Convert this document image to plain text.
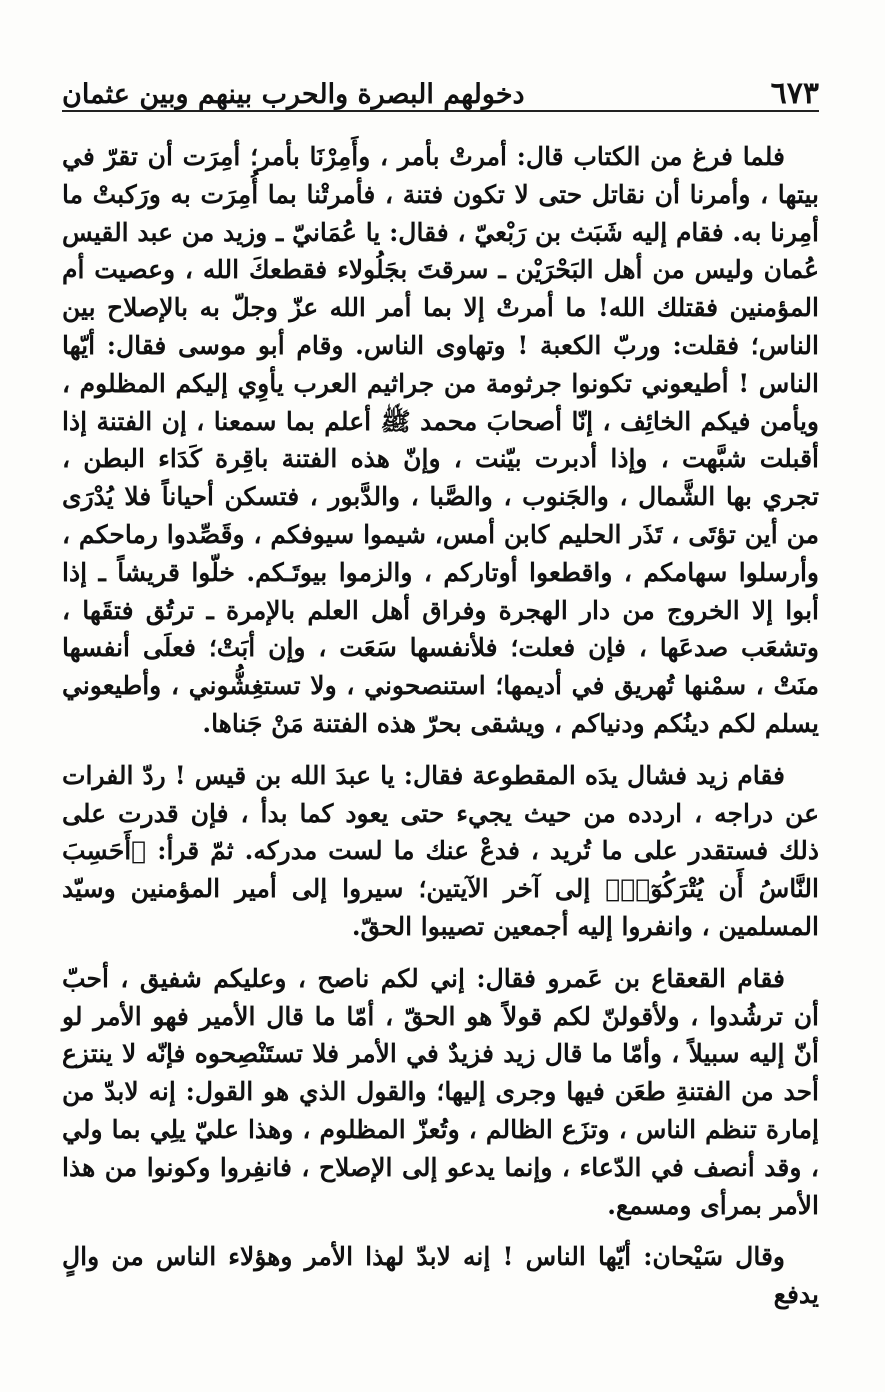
دخولهم البصرة والحرب بينهم وبين عثمان	٦٧٣

فلما فرغ من الكتاب قال: أمرتْ بأمر ، وأَمِرْنَا بأمر؛ أمِرَت أن تقرّ في بيتها ، وأمرنا أن نقاتل حتى لا تكون فتنة ، فأمرتْنا بما أُمِرَت به ورَكبتْ ما أمِرنا به. فقام إليه شَبَث بن رَبْعيّ ، فقال: يا عُمَانيّ ـ وزيد من عبد القيس عُمان وليس من أهل البَحْرَيْن ـ سرقتَ بجَلُولاء فقطعكَ الله ، وعصيت أم المؤمنين فقتلك الله! ما أمرتْ إلا بما أمر الله عزّ وجلّ به بالإصلاح بين الناس؛ فقلت: وربّ الكعبة ! وتهاوى الناس. وقام أبو موسى فقال: أيّها الناس ! أطيعوني تكونوا جرثومة من جراثيم العرب يأوِي إليكم المظلوم ، ويأمن فيكم الخائِف ، إنّا أصحابَ محمد ﷺ أعلم بما سمعنا ، إن الفتنة إذا أقبلت شبَّهت ، وإذا أدبرت بيّنت ، وإنّ هذه الفتنة باقِرة كَدَاء البطن ، تجري بها الشَّمال ، والجَنوب ، والصَّبا ، والدَّبور ، فتسكن أحياناً فلا يُدْرَى من أين تؤتَى ، تَذَر الحليم كابن أمس، شيموا سيوفكم ، وقَصِّدوا رماحكم ، وأرسلوا سهامكم ، واقطعوا أوتاركم ، والزموا بيوتَـكم. خلّوا قريشاً ـ إذا أبوا إلا الخروج من دار الهجرة وفراق أهل العلم بالإمرة ـ ترتُق فتقَها ، وتشعَب صدعَها ، فإن فعلت؛ فلأنفسها سَعَت ، وإن أبَتْ؛ فعلَى أنفسها منَتْ ، سمْنها تُهريق في أديمها؛ استنصحوني ، ولا تستغِشُّوني ، وأطيعوني يسلم لكم دينُكم ودنياكم ، ويشقى بحرّ هذه الفتنة مَنْ جَناها.

فقام زيد فشال يدَه المقطوعة فقال: يا عبدَ الله بن قيس ! ردّ الفرات عن دراجه ، اردده من حيث يجيء حتى يعود كما بدأ ، فإن قدرت على ذلك فستقدر على ما تُريد ، فدعْ عنك ما لست مدركه. ثمّ قرأ: ﴿أَحَسِبَ النَّاسُ أَن يُتْرَكُوٓا۟﴾ إلى آخر الآيتين؛ سيروا إلى أمير المؤمنين وسيّد المسلمين ، وانفروا إليه أجمعين تصيبوا الحقّ.

فقام القعقاع بن عَمرو فقال: إني لكم ناصح ، وعليكم شفيق ، أحبّ أن ترشُدوا ، ولأقولنّ لكم قولاً هو الحقّ ، أمّا ما قال الأمير فهو الأمر لو أنّ إليه سبيلاً ، وأمّا ما قال زيد فزيدٌ في الأمر فلا تستَنْصِحوه فإنّه لا ينتزع أحد من الفتنةِ طعَن فيها وجرى إليها؛ والقول الذي هو القول: إنه لابدّ من إمارة تنظم الناس ، وتزَع الظالم ، وتُعزّ المظلوم ، وهذا عليّ يلِي بما ولي ، وقد أنصف في الدّعاء ، وإنما يدعو إلى الإصلاح ، فانفِروا وكونوا من هذا الأمر بمرأى ومسمع.

وقال سَيْحان: أيّها الناس ! إنه لابدّ لهذا الأمر وهؤلاء الناس من والٍ يدفع
